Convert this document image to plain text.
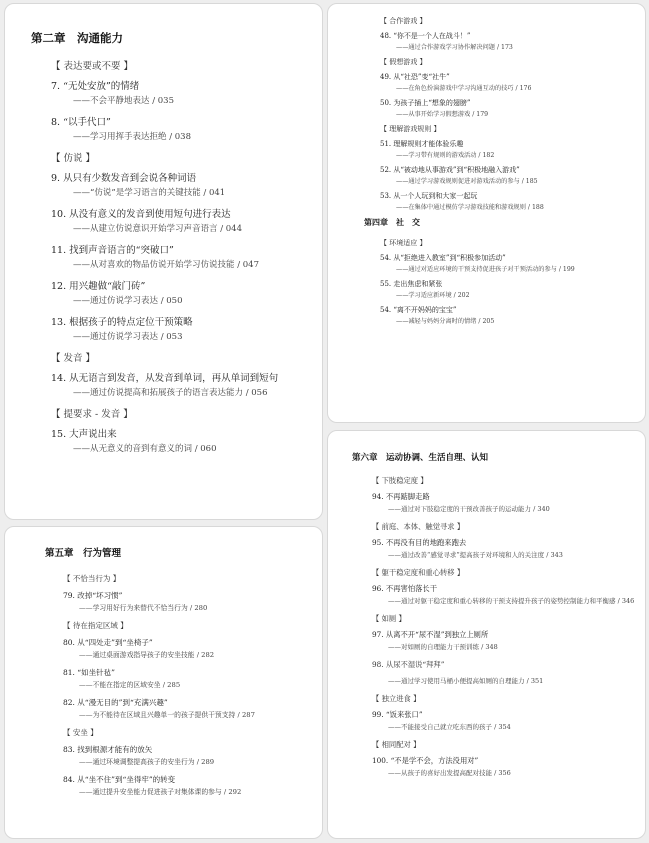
第二章　沟通能力
【 表达要或不要 】
7. “无处安放”的情绪
——不会平静地表达 / 035
8. “以手代口”
——学习用挥手表达拒绝 / 038
【 仿说 】
9. 从只有少数发音到会说各种词语
——“仿说”是学习语言的关键技能 / 041
10. 从没有意义的发音到使用短句进行表达
——从建立仿说意识开始学习声音语言 / 044
11. 找到声音语言的“突破口”
——从对喜欢的物品仿说开始学习仿说技能 / 047
12. 用兴趣做“敲门砖”
——通过仿说学习表达 / 050
13. 根据孩子的特点定位干预策略
——通过仿说学习表达 / 053
【 发音 】
14. 从无语言到发音，从发音到单词，再从单词到短句
——通过仿说提高和拓展孩子的语言表达能力 / 056
【 提要求 - 发音 】
15. 大声说出来
——从无意义的音到有意义的词 / 060
第五章　行为管理
【 不恰当行为 】
79. 改掉“坏习惯”
——学习用好行为来替代不恰当行为 / 280
【 待在指定区域 】
80. 从“四处走”到“坐椅子”
——通过桌面游戏指导孩子的安坐技能 / 282
81. “如坐针毡”
——不能在指定的区域安坐 / 285
82. 从“漫无目的”到“充满兴趣”
——为不能待在区域且兴趣单一的孩子提供干预支持 / 287
【 安坐 】
83. 找到根源才能有的放矢
——通过环境调整提高孩子的安坐行为 / 289
84. 从“坐不住”到“坐得牢”的转变
——通过提升安坐能力促进孩子对集体课的参与 / 292
【 合作游戏 】
48. “你不是一个人在战斗！”
——通过合作游戏学习协作解决问题 / 173
【 假想游戏 】
49. 从“社恐”变“社牛”
——在角色扮演游戏中学习沟通互动的技巧 / 176
50. 为孩子插上“想象的翅膀”
——从事开始学习假想游戏 / 179
【 理解游戏规则 】
51. 理解规则才能体验乐趣
——学习带有规则的游戏活动 / 182
52. 从“被动地从事游戏”到“积极地融入游戏”
——通过学习游戏规则促进对游戏活动的参与 / 185
53. 从一个人玩到和大家一起玩
——在集体中通过模仿学习游戏技能和游戏规则 / 188
第四章　社　交
【 环境适应 】
54. 从“拒绝进入教室”到“积极参加活动”
——通过对适应环境的干预支持促进孩子对干预活动的参与 / 199
55. 走出焦虑和紧张
——学习适应新环境 / 202
54. “离不开妈妈的宝宝”
——减轻与妈妈分离时的情绪 / 205
第六章　运动协调、生活自理、认知
【 下肢稳定度 】
94. 不再踮脚走路
——通过对下肢稳定度的干预改善孩子的运动能力 / 340
【 前庭、本体、触觉寻求 】
95. 不再没有目的地跑来跑去
——通过改善“感觉寻求”提高孩子对环境和人的关注度 / 343
【 躯干稳定度和重心转移 】
96. 不再害怕落长干
——通过对躯干稳定度和重心转移的干预支持提升孩子的姿势控制能力和平衡感 / 346
【 如厕 】
97. 从离不开“尿不湿”到独立上厕所
——对如厕的自理能力干预训练 / 348
98. 从尿不湿说“拜拜”
——通过学习使用马桶小便提高如厕的自理能力 / 351
【 独立进食 】
99. “饭来张口”
——不能接受自己就立吃东西的孩子 / 354
【 相同配对 】
100. “不是学不会，方法没用对”
——从孩子的喜好出发提高配对技能 / 356
